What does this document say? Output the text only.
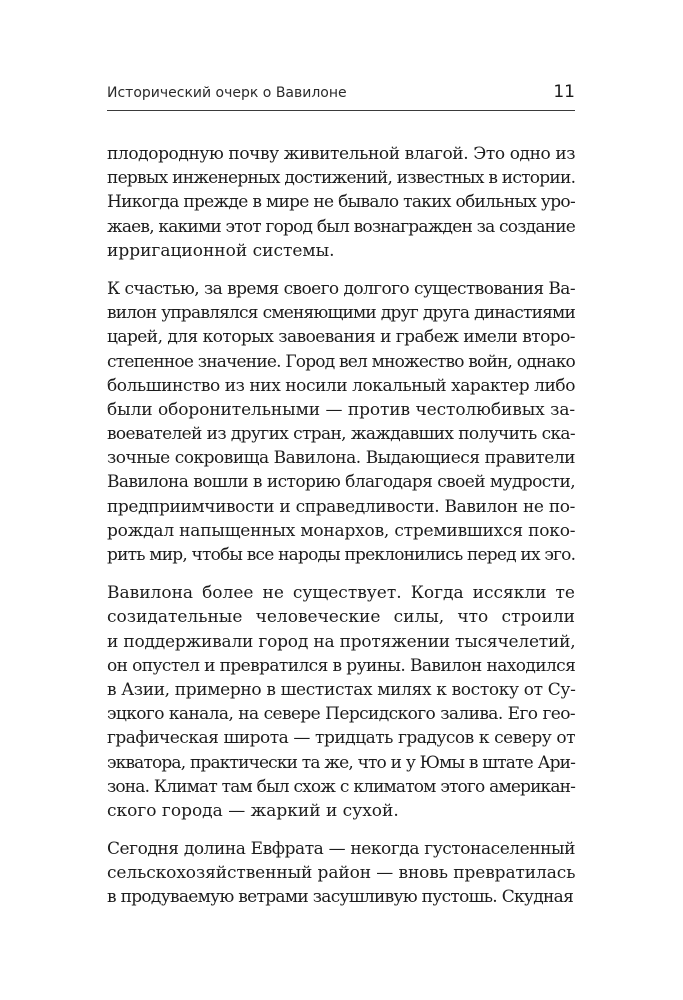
Исторический очерк о Вавилоне	11
плодородную почву живительной влагой. Это одно из
первых инженерных достижений, известных в истории.
Никогда прежде в мире не бывало таких обильных уро-
жаев, какими этот город был вознагражден за создание
ирригационной системы.
К счастью, за время своего долгого существования Ва-
вилон управлялся сменяющими друг друга династиями
царей, для которых завоевания и грабеж имели второ-
степенное значение. Город вел множество войн, однако
большинство из них носили локальный характер либо
были оборонительными — против честолюбивых за-
воевателей из других стран, жаждавших получить ска-
зочные сокровища Вавилона. Выдающиеся правители
Вавилона вошли в историю благодаря своей мудрости,
предприимчивости и справедливости. Вавилон не по-
рождал напыщенных монархов, стремившихся поко-
рить мир, чтобы все народы преклонились перед их эго.
Вавилона более не существует. Когда иссякли те
созидательные человеческие силы, что строили
и поддерживали город на протяжении тысячелетий,
он опустел и превратился в руины. Вавилон находился
в Азии, примерно в шестистах милях к востоку от Су-
эцкого канала, на севере Персидского залива. Его гео-
графическая широта — тридцать градусов к северу от
экватора, практически та же, что и у Юмы в штате Ари-
зона. Климат там был схож с климатом этого американ-
ского города — жаркий и сухой.
Сегодня долина Евфрата — некогда густонаселенный
сельскохозяйственный район — вновь превратилась
в продуваемую ветрами засушливую пустошь. Скудная
